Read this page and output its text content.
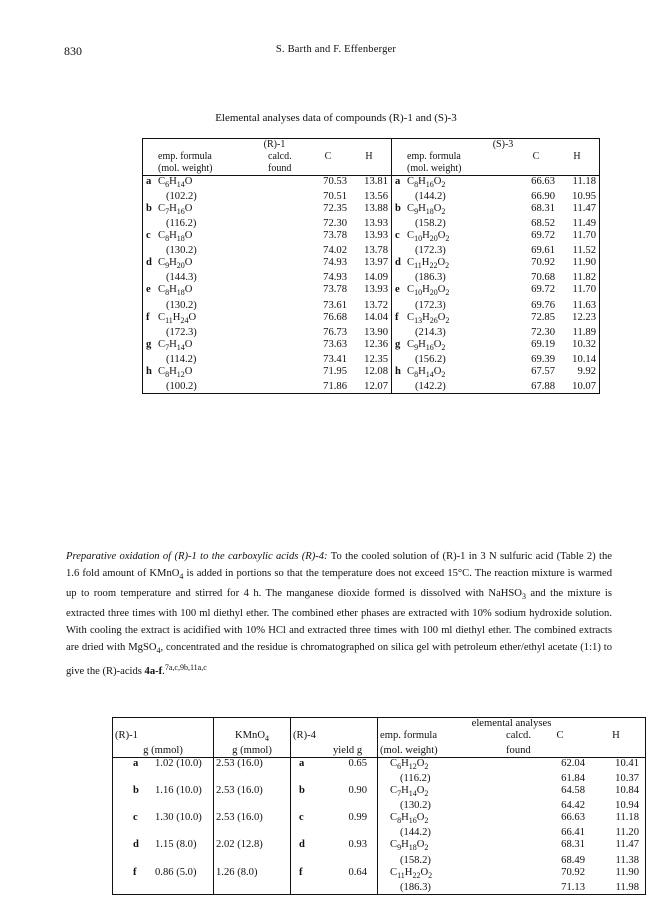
830	S. Barth and F. Effenberger
Elemental analyses data of compounds (R)-1 and (S)-3
	(R)-1					(S)-3		
	emp. formula	calcd.	C	H		emp. formula	C	H
	(mol. weight)	found				(mol. weight)		
a	$C_6H_{14}O$		70.53	13.81	a	$C_8H_{16}O_2$	66.63	11.18
	(102.2)		70.51	13.56		(144.2)	66.90	10.95
b	$C_7H_{16}O$		72.35	13.88	b	$C_9H_{18}O_2$	68.31	11.47
	(116.2)		72.30	13.93		(158.2)	68.52	11.49
c	$C_8H_{18}O$		73.78	13.93	c	$C_{10}H_{20}O_2$	69.72	11.70
	(130.2)		74.02	13.78		(172.3)	69.61	11.52
d	$C_9H_{20}O$		74.93	13.97	d	$C_{11}H_{22}O_2$	70.92	11.90
	(144.3)		74.93	14.09		(186.3)	70.68	11.82
e	$C_8H_{18}O$		73.78	13.93	e	$C_{10}H_{20}O_2$	69.72	11.70
	(130.2)		73.61	13.72		(172.3)	69.76	11.63
f	$C_{11}H_{24}O$		76.68	14.04	f	$C_{13}H_{26}O_2$	72.85	12.23
	(172.3)		76.73	13.90		(214.3)	72.30	11.89
g	$C_7H_{14}O$		73.63	12.36	g	$C_9H_{16}O_2$	69.19	10.32
	(114.2)		73.41	12.35		(156.2)	69.39	10.14
h	$C_8H_{12}O$		71.95	12.08	h	$C_8H_{14}O_2$	67.57	9.92
	(100.2)		71.86	12.07		(142.2)	67.88	10.07
Preparative oxidation of (R)-1 to the carboxylic acids (R)-4: To the cooled solution of (R)-1 in 3 N sulfuric acid (Table 2) the 1.6 fold amount of KMnO$_4$ is added in portions so that the temperature does not exceed 15°C. The reaction mixture is warmed up to room temperature and stirred for 4 h. The manganese dioxide formed is dissolved with NaHSO$_3$ and the mixture is extracted three times with 100 ml diethyl ether. The combined ether phases are extracted with 10% sodium hydroxide solution. With cooling the extract is acidified with 10% HCl and extracted three times with 100 ml diethyl ether. The combined extracts are dried with MgSO$_4$, concentrated and the residue is chromatographed on silica gel with petroleum ether/ethyl acetate (1:1) to give the (R)-acids 4a-f.$^{7a,c,9b,11a,c}$
				elemental analyses			
(R)-1	KMnO$_4$	(R)-4		emp. formula	calcd.	C	H
g (mmol)	g (mmol)		yield g	(mol. weight)	found		
a 1.02 (10.0)	2.53 (16.0)	a	0.65	$C_6H_{12}O_2$		62.04	10.41
				(116.2)		61.84	10.37
b 1.16 (10.0)	2.53 (16.0)	b	0.90	$C_7H_{14}O_2$		64.58	10.84
				(130.2)		64.42	10.94
c 1.30 (10.0)	2.53 (16.0)	c	0.99	$C_8H_{16}O_2$		66.63	11.18
				(144.2)		66.41	11.20
d 1.15 (8.0)	2.02 (12.8)	d	0.93	$C_9H_{18}O_2$		68.31	11.47
				(158.2)		68.49	11.38
f 0.86 (5.0)	1.26 (8.0)	f	0.64	$C_{11}H_{22}O_2$		70.92	11.90
				(186.3)		71.13	11.98
